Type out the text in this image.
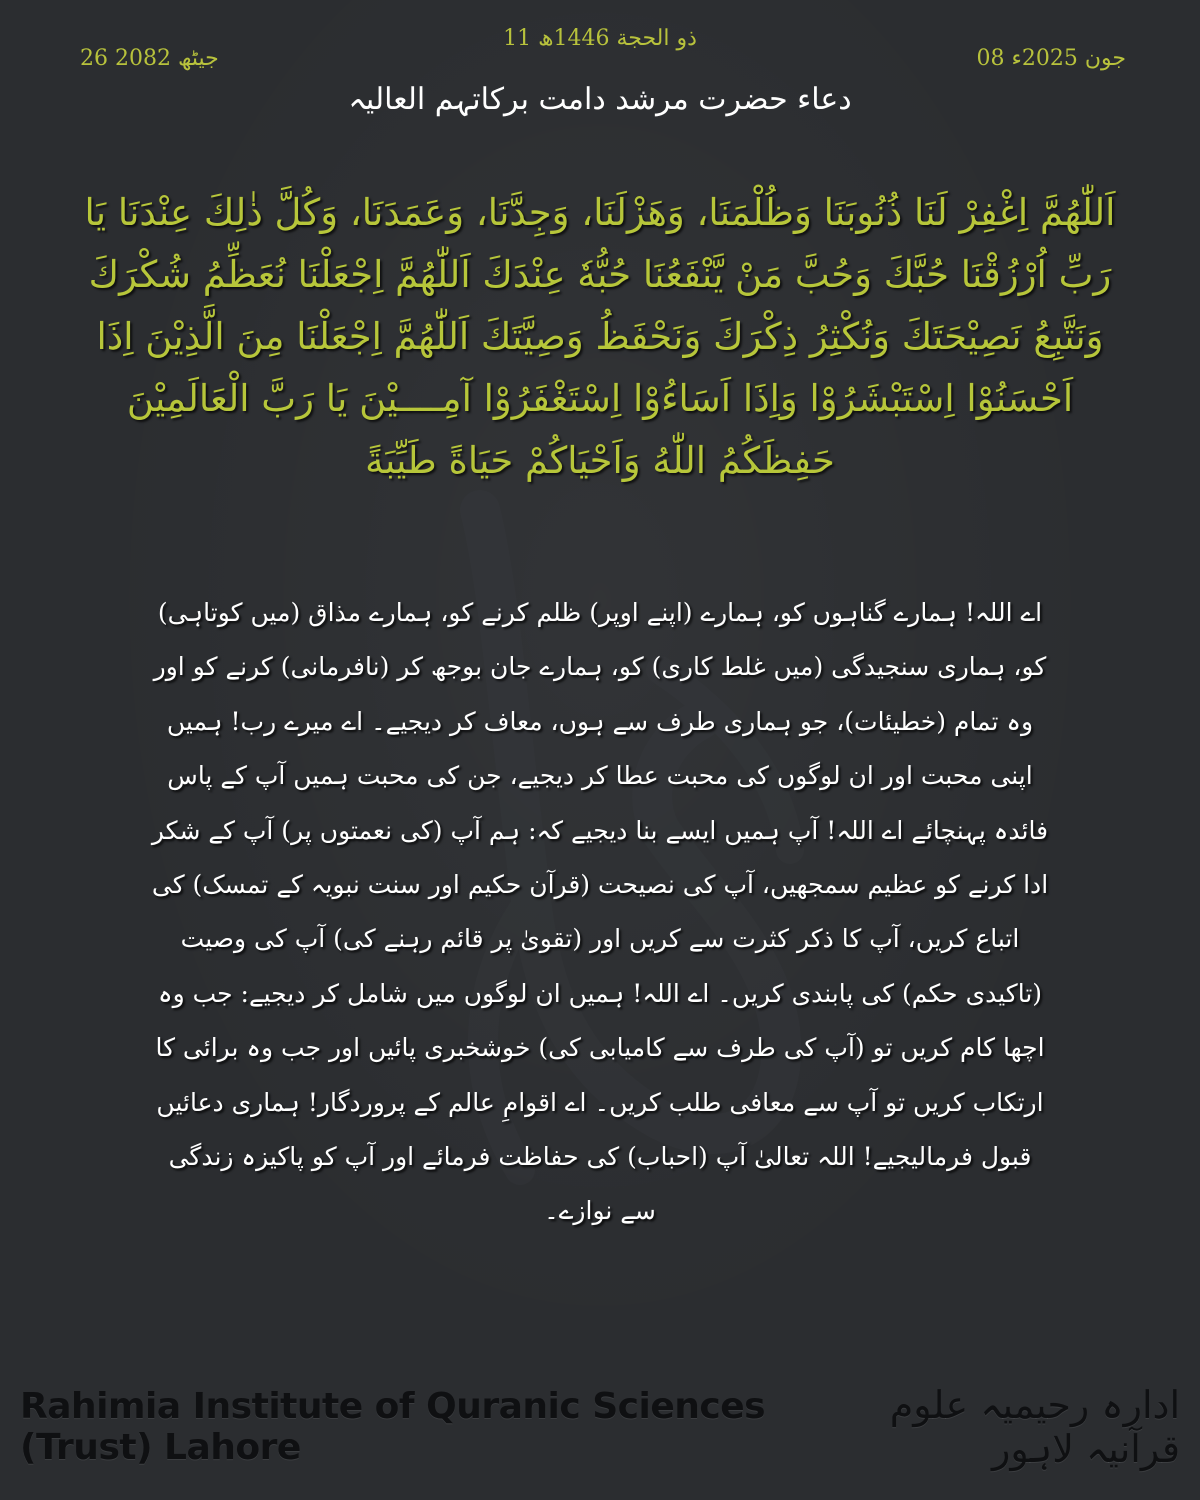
11 ذو الحجة 1446ھ
08 جون 2025ء
26 جیٹھ 2082
دعاء حضرت مرشد دامت برکاتہم العالیہ
اَللّٰهُمَّ اِغْفِرْ لَنَا ذُنُوبَنَا وَظُلْمَنَا، وَهَزْلَنَا، وَجِدَّنَا، وَعَمَدَنَا، وَكُلَّ ذٰلِكَ عِنْدَنَا يَا رَبِّ اُرْزُقْنَا حُبَّكَ وَحُبَّ مَنْ يَّنْفَعُنَا حُبُّهٗ عِنْدَكَ اَللّٰهُمَّ اِجْعَلْنَا نُعَظِّمُ شُكْرَكَ وَنَتَّبِعُ نَصِيْحَتَكَ وَنُكْثِرُ ذِكْرَكَ وَنَحْفَظُ وَصِيَّتَكَ اَللّٰهُمَّ اِجْعَلْنَا مِنَ الَّذِيْنَ اِذَا اَحْسَنُوْا اِسْتَبْشَرُوْا وَاِذَا اَسَاءُوْا اِسْتَغْفَرُوْا آمِــــيْنَ يَا رَبَّ الْعَالَمِيْنَ حَفِظَكُمُ اللّٰهُ وَاَحْيَاكُمْ حَيَاةً طَيِّبَةً
اے اللہ! ہمارے گناہوں کو، ہمارے (اپنے اوپر) ظلم کرنے کو، ہمارے مذاق (میں کوتاہی) کو، ہماری سنجیدگی (میں غلط کاری) کو، ہمارے جان بوجھ کر (نافرمانی) کرنے کو اور وہ تمام (خطیئات)، جو ہماری طرف سے ہوں، معاف کر دیجیے۔ اے میرے رب! ہمیں اپنی محبت اور ان لوگوں کی محبت عطا کر دیجیے، جن کی محبت ہمیں آپ کے پاس فائدہ پہنچائے اے اللہ! آپ ہمیں ایسے بنا دیجیے کہ: ہم آپ (کی نعمتوں پر) آپ کے شکر ادا کرنے کو عظیم سمجھیں، آپ کی نصیحت (قرآن حکیم اور سنت نبویہ کے تمسک) کی اتباع کریں، آپ کا ذکر کثرت سے کریں اور (تقویٰ پر قائم رہنے کی) آپ کی وصیت (تاکیدی حکم) کی پابندی کریں۔ اے اللہ! ہمیں ان لوگوں میں شامل کر دیجیے: جب وہ اچھا کام کریں تو (آپ کی طرف سے کامیابی کی) خوشخبری پائیں اور جب وہ برائی کا ارتکاب کریں تو آپ سے معافی طلب کریں۔ اے اقوامِ عالم کے پروردگار! ہماری دعائیں قبول فرمالیجیے! اللہ تعالیٰ آپ (احباب) کی حفاظت فرمائے اور آپ کو پاکیزہ زندگی سے نوازے۔
Rahimia Institute of Quranic Sciences (Trust) Lahore
ادارہ رحیمیہ علوم قرآنیہ لاہور
